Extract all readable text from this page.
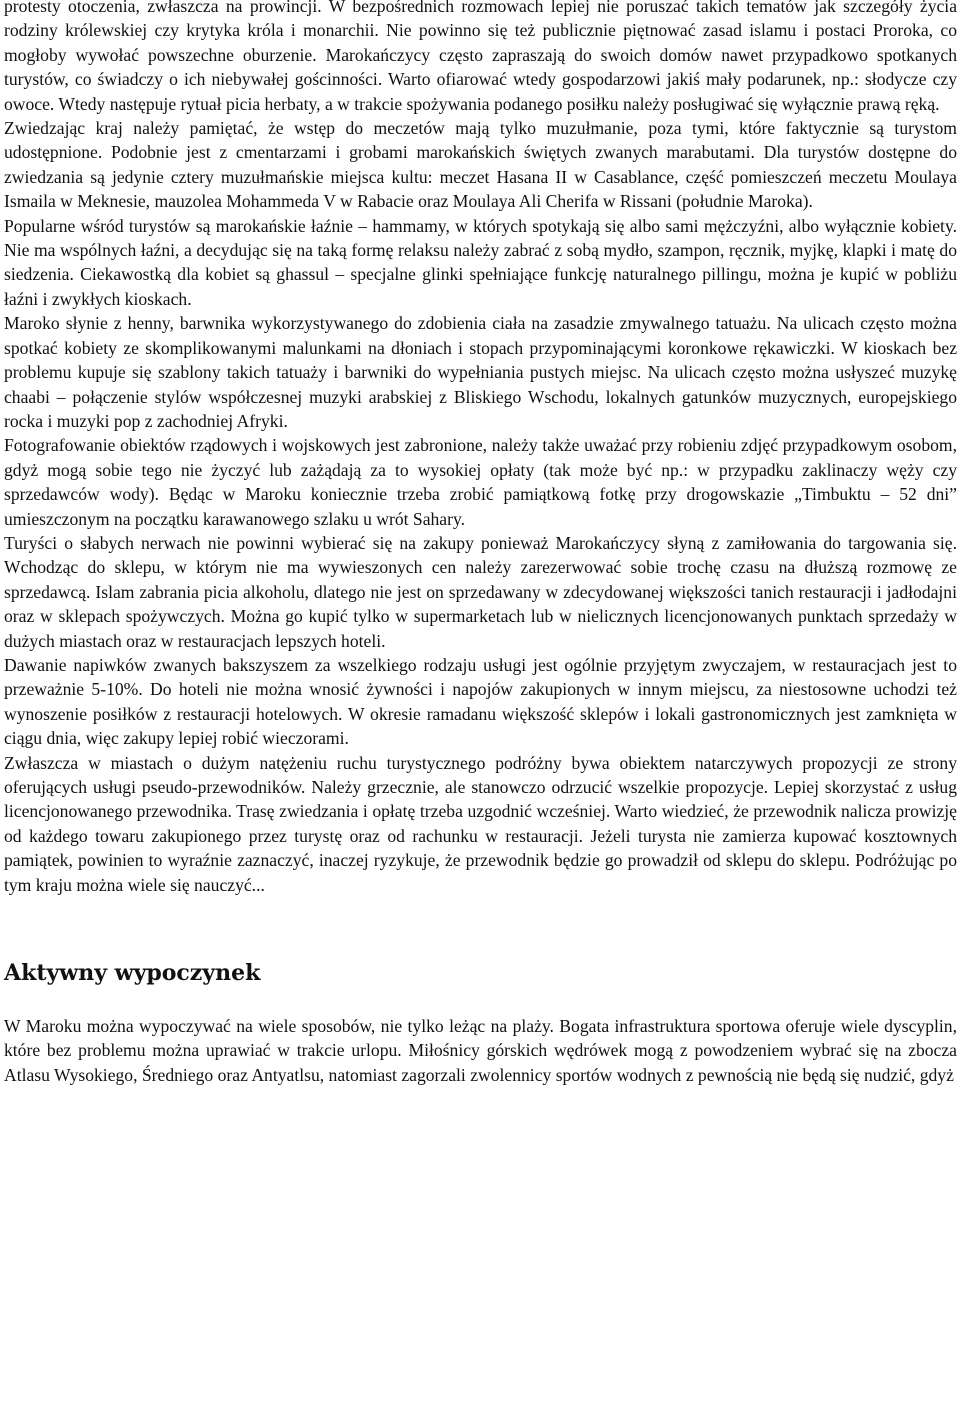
protesty otoczenia, zwłaszcza na prowincji. W bezpośrednich rozmowach lepiej nie poruszać takich tematów jak szczegóły życia rodziny królewskiej czy krytyka króla i monarchii. Nie powinno się też publicznie piętnować zasad islamu i postaci Proroka, co mogłoby wywołać powszechne oburzenie. Marokańczycy często zapraszają do swoich domów nawet przypadkowo spotkanych turystów, co świadczy o ich niebywałej gościnności. Warto ofiarować wtedy gospodarzowi jakiś mały podarunek, np.: słodycze czy owoce. Wtedy następuje rytuał picia herbaty, a w trakcie spożywania podanego posiłku należy posługiwać się wyłącznie prawą ręką.

Zwiedzając kraj należy pamiętać, że wstęp do meczetów mają tylko muzułmanie, poza tymi, które faktycznie są turystom udostępnione. Podobnie jest z cmentarzami i grobami marokańskich świętych zwanych marabutami. Dla turystów dostępne do zwiedzania są jedynie cztery muzułmańskie miejsca kultu: meczet Hasana II w Casablance, część pomieszczeń meczetu Moulaya Ismaila w Meknesie, mauzolea Mohammeda V w Rabacie oraz Moulaya Ali Cherifa w Rissani (południe Maroka).

Popularne wśród turystów są marokańskie łaźnie – hammamy, w których spotykają się albo sami mężczyźni, albo wyłącznie kobiety. Nie ma wspólnych łaźni, a decydując się na taką formę relaksu należy zabrać z sobą mydło, szampon, ręcznik, myjkę, klapki i matę do siedzenia. Ciekawostką dla kobiet są ghassul – specjalne glinki spełniające funkcję naturalnego pillingu, można je kupić w pobliżu łaźni i zwykłych kioskach.

Maroko słynie z henny, barwnika wykorzystywanego do zdobienia ciała na zasadzie zmywalnego tatuażu. Na ulicach często można spotkać kobiety ze skomplikowanymi malunkami na dłoniach i stopach przypominającymi koronkowe rękawiczki. W kioskach bez problemu kupuje się szablony takich tatuaży i barwniki do wypełniania pustych miejsc. Na ulicach często można usłyszeć muzykę chaabi – połączenie stylów współczesnej muzyki arabskiej z Bliskiego Wschodu, lokalnych gatunków muzycznych, europejskiego rocka i muzyki pop z zachodniej Afryki.

Fotografowanie obiektów rządowych i wojskowych jest zabronione, należy także uważać przy robieniu zdjęć przypadkowym osobom, gdyż mogą sobie tego nie życzyć lub zażądają za to wysokiej opłaty (tak może być np.: w przypadku zaklinaczy węży czy sprzedawców wody). Będąc w Maroku koniecznie trzeba zrobić pamiątkową fotkę przy drogowskazie „Timbuktu – 52 dni” umieszczonym na początku karawanowego szlaku u wrót Sahary.

Turyści o słabych nerwach nie powinni wybierać się na zakupy ponieważ Marokańczycy słyną z zamiłowania do targowania się. Wchodząc do sklepu, w którym nie ma wywieszonych cen należy zarezerwować sobie trochę czasu na dłuższą rozmowę ze sprzedawcą. Islam zabrania picia alkoholu, dlatego nie jest on sprzedawany w zdecydowanej większości tanich restauracji i jadłodajni oraz w sklepach spożywczych. Można go kupić tylko w supermarketach lub w nielicznych licencjonowanych punktach sprzedaży w dużych miastach oraz w restauracjach lepszych hoteli.

Dawanie napiwków zwanych bakszyszem za wszelkiego rodzaju usługi jest ogólnie przyjętym zwyczajem, w restauracjach jest to przeważnie 5-10%. Do hoteli nie można wnosić żywności i napojów zakupionych w innym miejscu, za niestosowne uchodzi też wynoszenie posiłków z restauracji hotelowych. W okresie ramadanu większość sklepów i lokali gastronomicznych jest zamknięta w ciągu dnia, więc zakupy lepiej robić wieczorami.

Zwłaszcza w miastach o dużym natężeniu ruchu turystycznego podróżny bywa obiektem natarczywych propozycji ze strony oferujących usługi pseudo-przewodników. Należy grzecznie, ale stanowczo odrzucić wszelkie propozycje. Lepiej skorzystać z usług licencjonowanego przewodnika. Trasę zwiedzania i opłatę trzeba uzgodnić wcześniej. Warto wiedzieć, że przewodnik nalicza prowizję od każdego towaru zakupionego przez turystę oraz od rachunku w restauracji. Jeżeli turysta nie zamierza kupować kosztownych pamiątek, powinien to wyraźnie zaznaczyć, inaczej ryzykuje, że przewodnik będzie go prowadził od sklepu do sklepu. Podróżując po tym kraju można wiele się nauczyć...

Aktywny wypoczynek

W Maroku można wypoczywać na wiele sposobów, nie tylko leżąc na plaży. Bogata infrastruktura sportowa oferuje wiele dyscyplin, które bez problemu można uprawiać w trakcie urlopu. Miłośnicy górskich wędrówek mogą z powodzeniem wybrać się na zbocza Atlasu Wysokiego, Średniego oraz Antyatlsu, natomiast zagorzali zwolennicy sportów wodnych z pewnością nie będą się nudzić, gdyż
